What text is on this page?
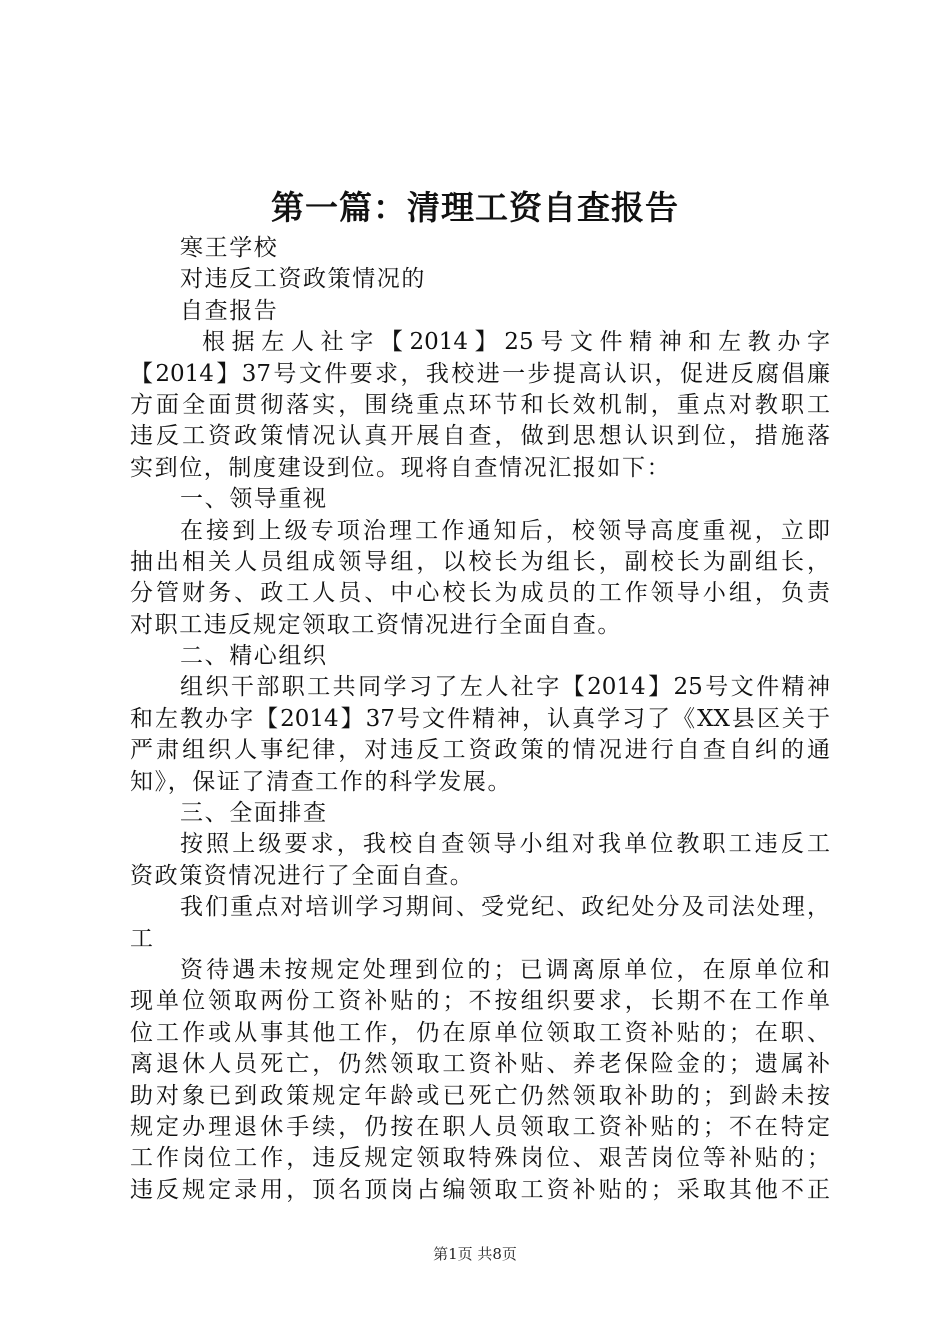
第一篇：清理工资自查报告
寒王学校
对违反工资政策情况的
自查报告
根据左人社字【2014】25号文件精神和左教办字
【2014】37号文件要求，我校进一步提高认识，促进反腐倡廉
方面全面贯彻落实，围绕重点环节和长效机制，重点对教职工
违反工资政策情况认真开展自查，做到思想认识到位，措施落
实到位，制度建设到位。现将自查情况汇报如下：
一、领导重视
在接到上级专项治理工作通知后，校领导高度重视，立即
抽出相关人员组成领导组，以校长为组长，副校长为副组长，
分管财务、政工人员、中心校长为成员的工作领导小组，负责
对职工违反规定领取工资情况进行全面自查。
二、精心组织
组织干部职工共同学习了左人社字【2014】25号文件精神
和左教办字【2014】37号文件精神，认真学习了《XX县区关于
严肃组织人事纪律，对违反工资政策的情况进行自查自纠的通
知》，保证了清查工作的科学发展。
三、全面排查
按照上级要求，我校自查领导小组对我单位教职工违反工
资政策资情况进行了全面自查。
我们重点对培训学习期间、受党纪、政纪处分及司法处理，
工
资待遇未按规定处理到位的；已调离原单位，在原单位和
现单位领取两份工资补贴的；不按组织要求，长期不在工作单
位工作或从事其他工作，仍在原单位领取工资补贴的；在职、
离退休人员死亡，仍然领取工资补贴、养老保险金的；遗属补
助对象已到政策规定年龄或已死亡仍然领取补助的；到龄未按
规定办理退休手续，仍按在职人员领取工资补贴的；不在特定
工作岗位工作，违反规定领取特殊岗位、艰苦岗位等补贴的；
违反规定录用，顶名顶岗占编领取工资补贴的；采取其他不正
第1页 共8页
